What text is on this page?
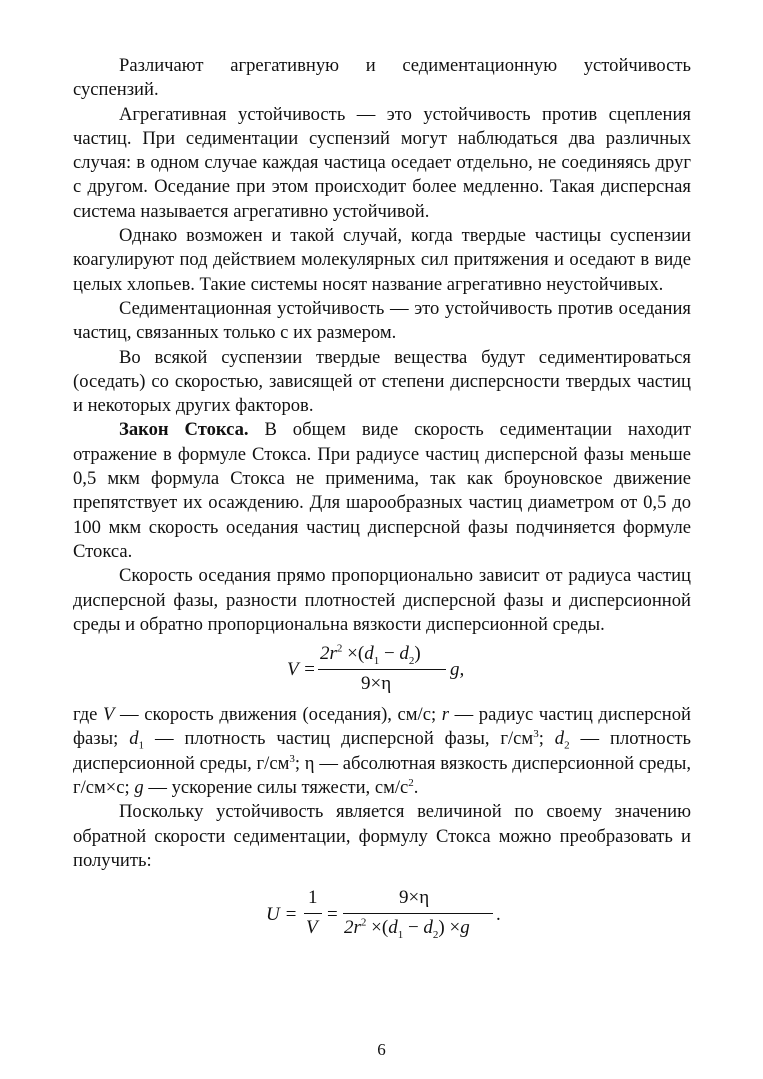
Различают агрегативную и седиментационную устойчивость суспензий.

Агрегативная устойчивость — это устойчивость против сцепления частиц. При седиментации суспензий могут наблюдаться два различных случая: в одном случае каждая частица оседает отдельно, не соединяясь друг с другом. Оседание при этом происходит более медленно. Такая дисперсная система называется агрегативно устойчивой.

Однако возможен и такой случай, когда твердые частицы суспензии коагулируют под действием молекулярных сил притяжения и оседают в виде целых хлопьев. Такие системы носят название агрегативно неустойчивых.

Седиментационная устойчивость — это устойчивость против оседания частиц, связанных только с их размером.

Во всякой суспензии твердые вещества будут седиментироваться (оседать) со скоростью, зависящей от степени дисперсности твердых частиц и некоторых других факторов.

Закон Стокса. В общем виде скорость седиментации находит отражение в формуле Стокса. При радиусе частиц дисперсной фазы меньше 0,5 мкм формула Стокса не применима, так как броуновское движение препятствует их осаждению. Для шарообразных частиц диаметром от 0,5 до 100 мкм скорость оседания частиц дисперсной фазы подчиняется формуле Стокса.

Скорость оседания прямо пропорционально зависит от радиуса частиц дисперсной фазы, разности плотностей дисперсной фазы и дисперсионной среды и обратно пропорциональна вязкости дисперсионной среды.

V =
$2r^2 \times(d_1 - d_2)$
9×η
g,

где V — скорость движения (оседания), см/с; r — радиус частиц дисперсной фазы; $d_1$ — плотность частиц дисперсной фазы, $г/см^3$; $d_2$ — плотность дисперсионной среды, $г/см^3$; η — абсолютная вязкость дисперсионной среды, г/см×с; g — ускорение силы тяжести, $см/с^2$.

Поскольку устойчивость является величиной по своему значению обратной скорости седиментации, формулу Стокса можно преобразовать и получить:

U =
1
V
=
9×η
$2r^2 \times(d_1 - d_2) \times g$
.
6
